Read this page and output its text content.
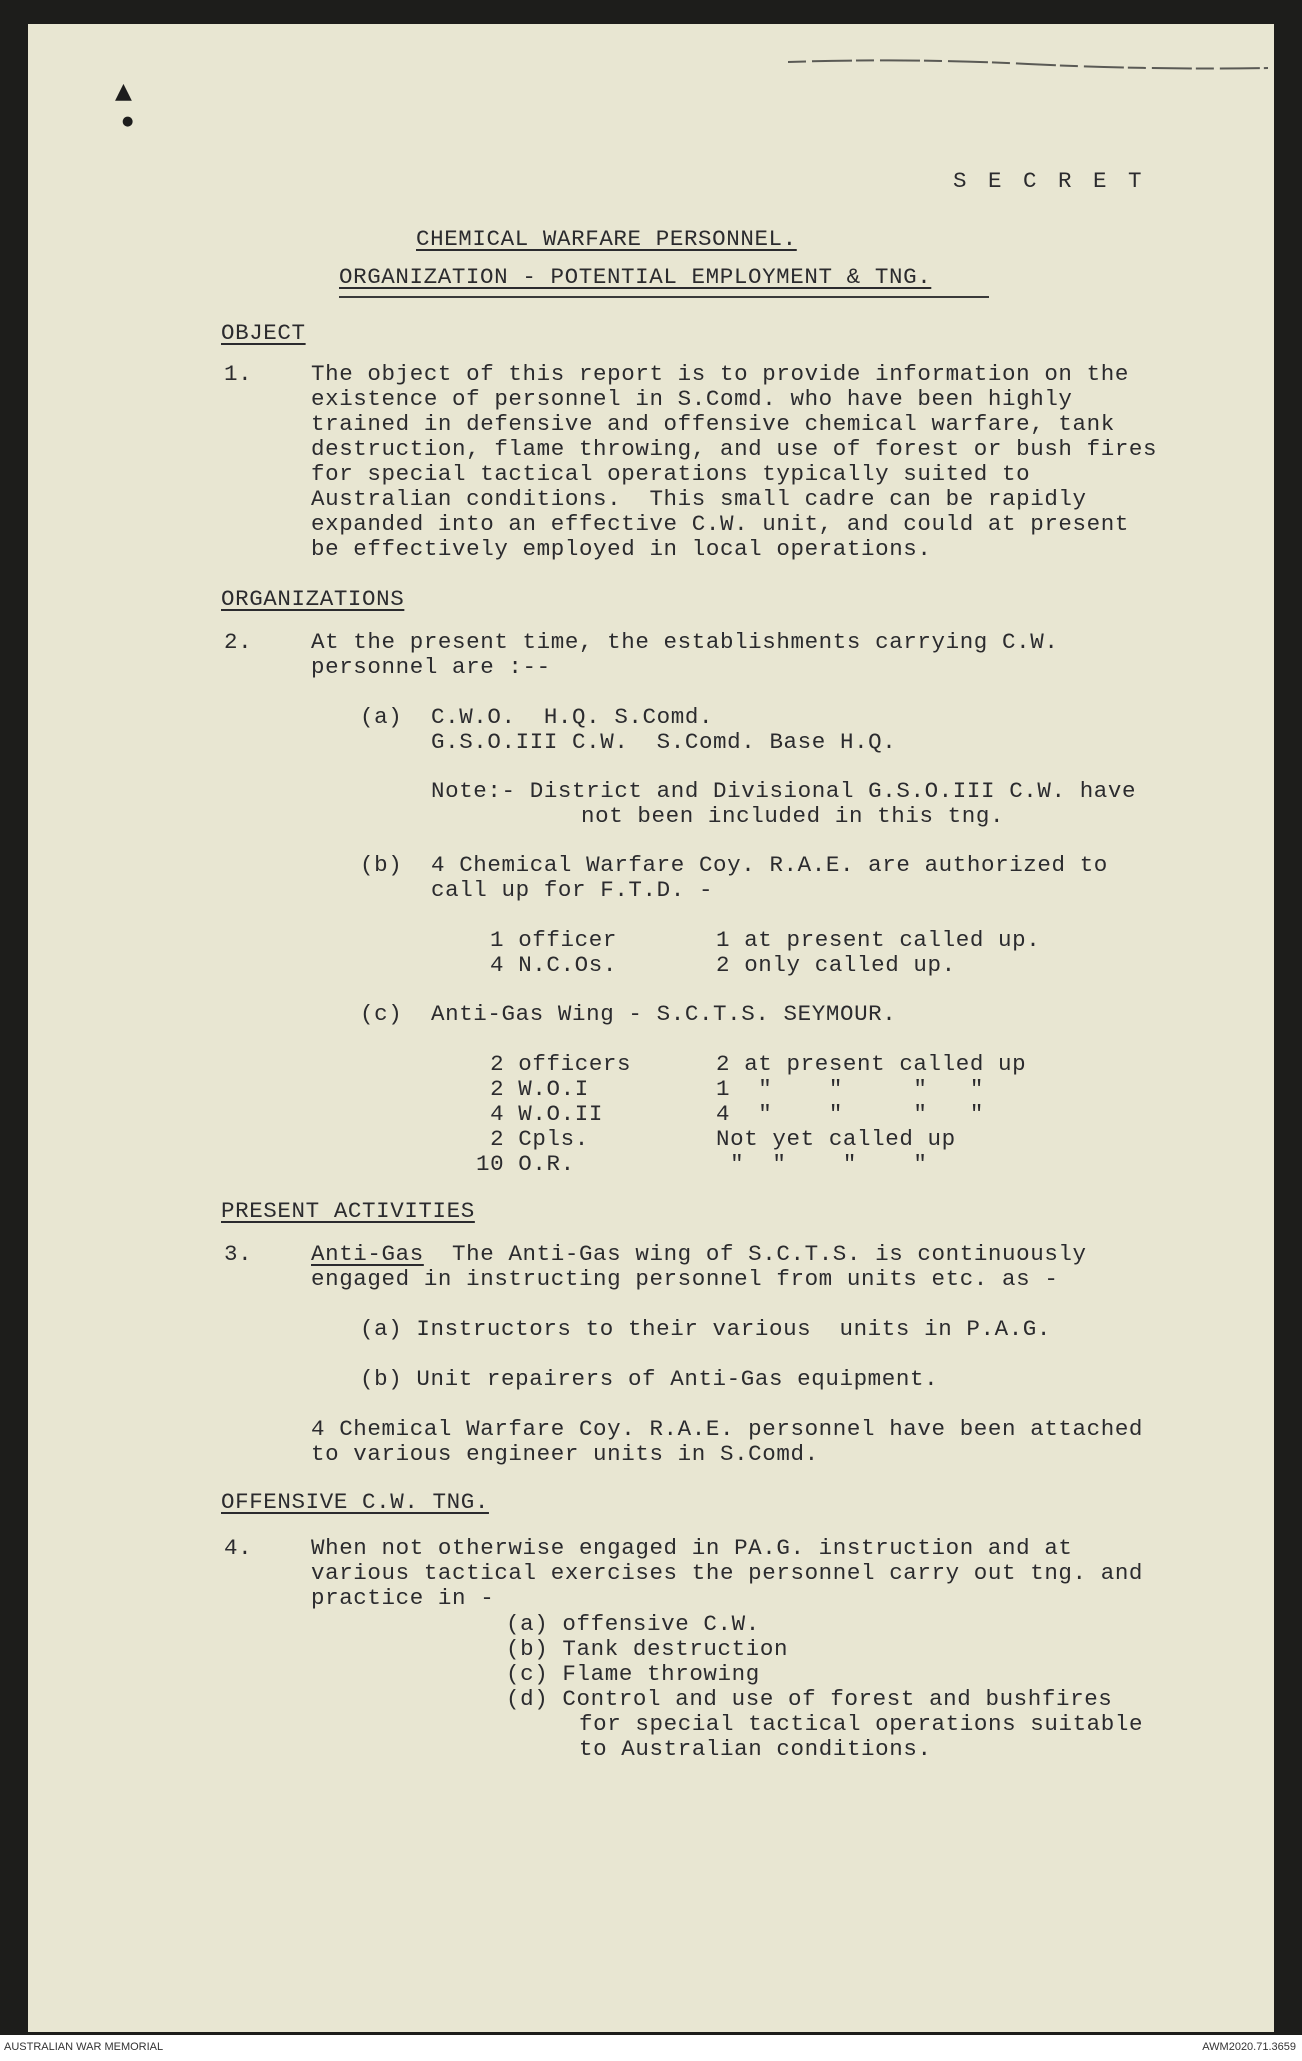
▲
●
S E C R E T
CHEMICAL WARFARE PERSONNEL.
ORGANIZATION - POTENTIAL EMPLOYMENT & TNG.
OBJECT
1.	The object of this report is to provide information on the
existence of personnel in S.Comd. who have been highly
trained in defensive and offensive chemical warfare, tank
destruction, flame throwing, and use of forest or bush fires
for special tactical operations typically suited to
Australian conditions.  This small cadre can be rapidly
expanded into an effective C.W. unit, and could at present
be effectively employed in local operations.
ORGANIZATIONS
2.	At the present time, the establishments carrying C.W.
personnel are :--
(a) C.W.O.  H.Q. S.Comd.
G.S.O.III C.W.  S.Comd. Base H.Q.
Note:- District and Divisional G.S.O.III C.W. have
not been included in this tng.
(b) 4 Chemical Warfare Coy. R.A.E. are authorized to
call up for F.T.D. -
1 officer	1 at present called up.
4 N.C.Os.	2 only called up.
(c) Anti-Gas Wing - S.C.T.S. SEYMOUR.
2 officers	2 at present called up
2 W.O.I	1  "    "     "   "
4 W.O.II	4  "    "     "   "
2 Cpls.	Not yet called up
10 O.R.	"  "    "    "
PRESENT ACTIVITIES
3.	Anti-Gas  The Anti-Gas wing of S.C.T.S. is continuously
engaged in instructing personnel from units etc. as -
(a) Instructors to their various  units in P.A.G.
(b) Unit repairers of Anti-Gas equipment.
4 Chemical Warfare Coy. R.A.E. personnel have been attached
to various engineer units in S.Comd.
OFFENSIVE C.W. TNG.
4.	When not otherwise engaged in PA.G. instruction and at
various tactical exercises the personnel carry out tng. and
practice in -
(a) offensive C.W.
(b) Tank destruction
(c) Flame throwing
(d) Control and use of forest and bushfires
for special tactical operations suitable
to Australian conditions.
AUSTRALIAN WAR MEMORIAL	AWM2020.71.3659
